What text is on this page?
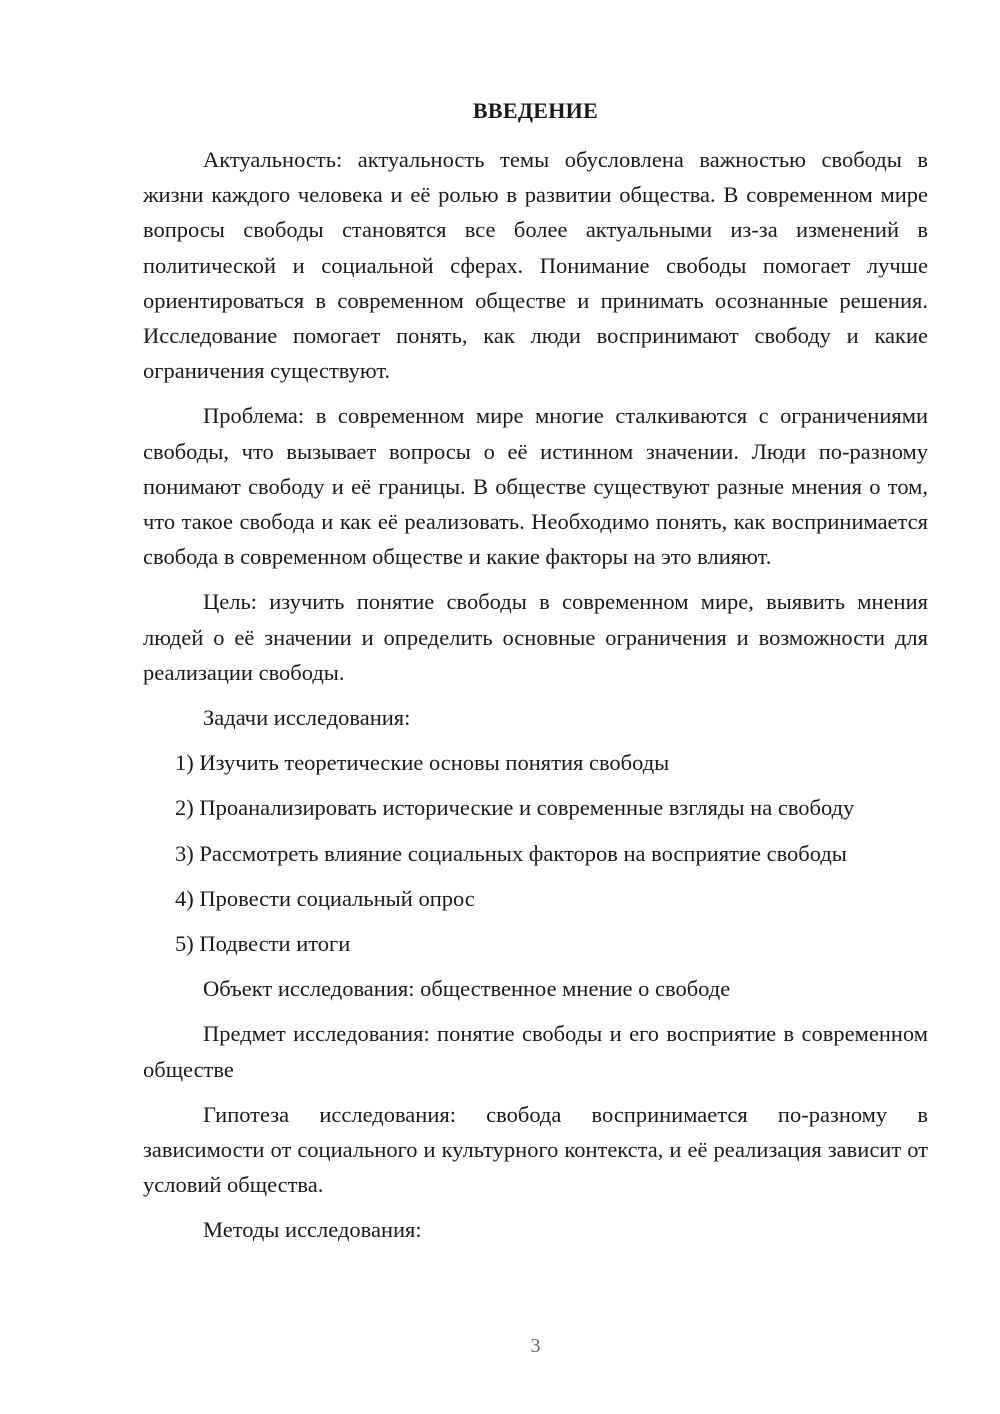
ВВЕДЕНИЕ

Актуальность: актуальность темы обусловлена важностью свободы в жизни каждого человека и её ролью в развитии общества. В современном мире вопросы свободы становятся все более актуальными из-за изменений в политической и социальной сферах. Понимание свободы помогает лучше ориентироваться в современном обществе и принимать осознанные решения. Исследование помогает понять, как люди воспринимают свободу и какие ограничения существуют.

Проблема: в современном мире многие сталкиваются с ограничениями свободы, что вызывает вопросы о её истинном значении. Люди по-разному понимают свободу и её границы. В обществе существуют разные мнения о том, что такое свобода и как её реализовать. Необходимо понять, как воспринимается свобода в современном обществе и какие факторы на это влияют.

Цель: изучить понятие свободы в современном мире, выявить мнения людей о её значении и определить основные ограничения и возможности для реализации свободы.

Задачи исследования:

1) Изучить теоретические основы понятия свободы

2) Проанализировать исторические и современные взгляды на свободу

3) Рассмотреть влияние социальных факторов на восприятие свободы

4) Провести социальный опрос

5) Подвести итоги

Объект исследования: общественное мнение о свободе

Предмет исследования: понятие свободы и его восприятие в современном обществе

Гипотеза исследования: свобода воспринимается по-разному в зависимости от социального и культурного контекста, и её реализация зависит от условий общества.

Методы исследования:

3
